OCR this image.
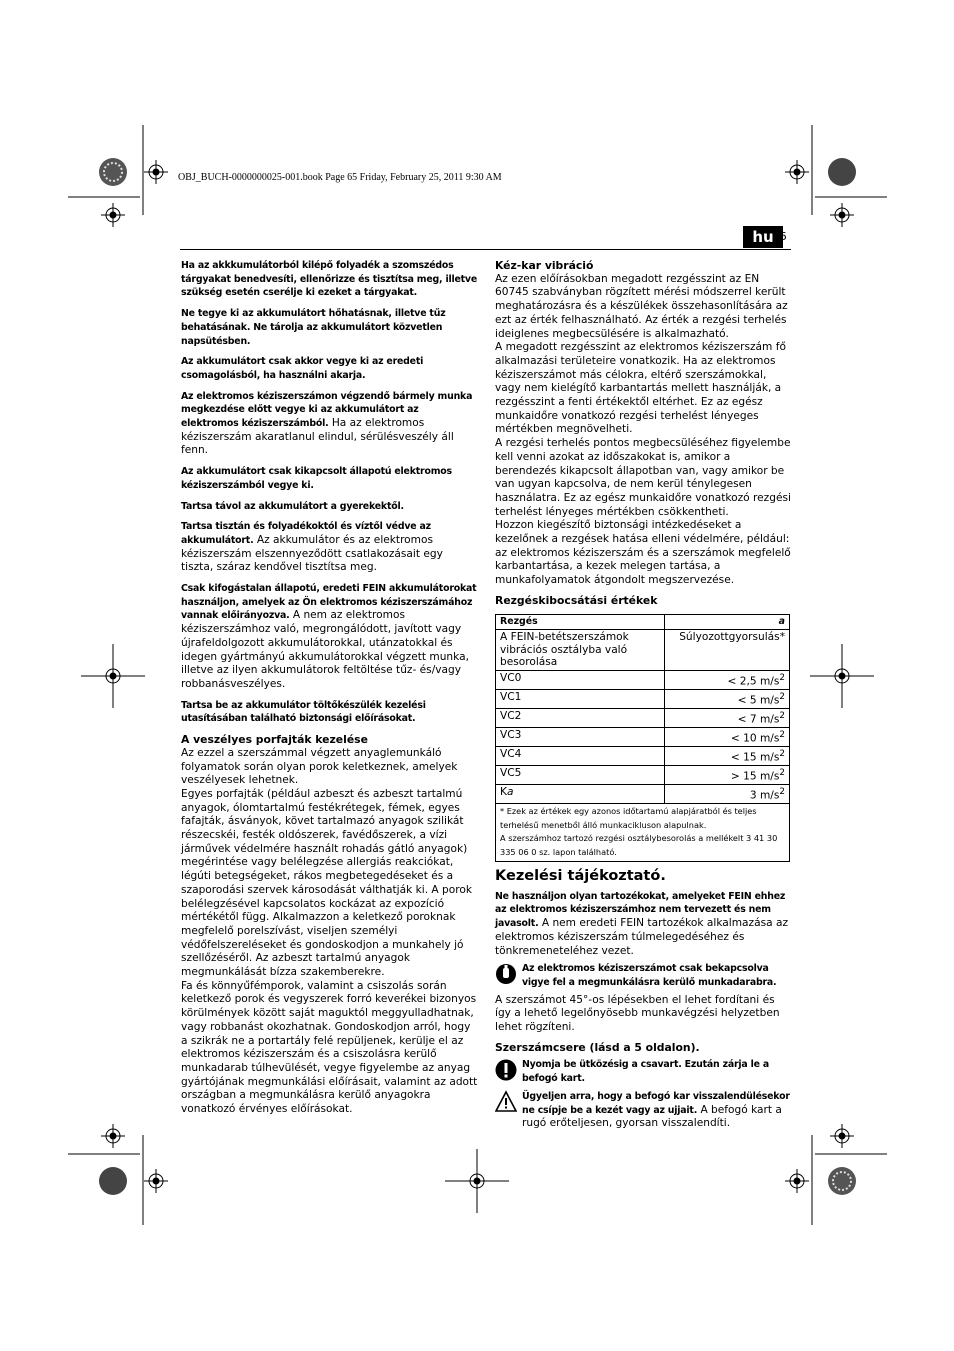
OBJ_BUCH-0000000025-001.book Page 65 Friday, February 25, 2011 9:30 AM
hu 65

Ha az akkkumulátorból kilépő folyadék a szomszédos tárgyakat benedvesíti, ellenőrizze és tisztítsa meg, illetve szükség esetén cserélje ki ezeket a tárgyakat.

Ne tegye ki az akkumulátort hőhatásnak, illetve tűz behatásának. Ne tárolja az akkumulátort közvetlen napsütésben.

Az akkumulátort csak akkor vegye ki az eredeti csomagolásból, ha használni akarja.

Az elektromos kéziszerszámon végzendő bármely munka megkezdése előtt vegye ki az akkumulátort az elektromos kéziszerszámból. Ha az elektromos kéziszerszám akaratlanul elindul, sérülésveszély áll fenn.

Az akkumulátort csak kikapcsolt állapotú elektromos kéziszerszámból vegye ki.

Tartsa távol az akkumulátort a gyerekektől.

Tartsa tisztán és folyadékoktól és víztől védve az akkumulátort. Az akkumulátor és az elektromos kéziszerszám elszennyeződött csatlakozásait egy tiszta, száraz kendővel tisztítsa meg.

Csak kifogástalan állapotú, eredeti FEIN akkumulátorokat használjon, amelyek az Ön elektromos kéziszerszámához vannak előirányozva. A nem az elektromos kéziszerszámhoz való, megrongálódott, javított vagy újrafeldolgozott akkumulátorokkal, utánzatokkal és idegen gyártmányú akkumulátorokkal végzett munka, illetve az ilyen akkumulátorok feltöltése tűz- és/vagy robbanásveszélyes.

Tartsa be az akkumulátor töltőkészülék kezelési utasításában található biztonsági előírásokat.

A veszélyes porfajták kezelése
Az ezzel a szerszámmal végzett anyaglemunkáló folyamatok során olyan porok keletkeznek, amelyek veszélyesek lehetnek.
Egyes porfajták (például azbeszt és azbeszt tartalmú anyagok, ólomtartalmú festékrétegek, fémek, egyes fafajták, ásványok, követ tartalmazó anyagok szilikát részecskéi, festék oldószerek, favédőszerek, a vízi járművek védelmére használt rohadás gátló anyagok) megérintése vagy belélegzése allergiás reakciókat, légúti betegségeket, rákos megbetegedéseket és a szaporodási szervek károsodását válthatják ki. A porok belélegzésével kapcsolatos kockázat az expozíció mértékétől függ. Alkalmazzon a keletkező poroknak megfelelő porelszívást, viseljen személyi védőfelszereléseket és gondoskodjon a munkahely jó szellőzéséről. Az azbeszt tartalmú anyagok megmunkálását bízza szakemberekre.
Fa és könnyűfémporok, valamint a csiszolás során keletkező porok és vegyszerek forró keverékei bizonyos körülmények között saját maguktól meggyulladhatnak, vagy robbanást okozhatnak. Gondoskodjon arról, hogy a szikrák ne a portartály felé repüljenek, kerülje el az elektromos kéziszerszám és a csiszolásra kerülő munkadarab túlhevülését, vegye figyelembe az anyag gyártójának megmunkálási előírásait, valamint az adott országban a megmunkálásra kerülő anyagokra vonatkozó érvényes előírásokat.
Kéz-kar vibráció
Az ezen előírásokban megadott rezgésszint az EN 60745 szabványban rögzített mérési módszerrel került meghatározásra és a készülékek összehasonlítására az ezt az érték felhasználható. Az érték a rezgési terhelés ideiglenes megbecsülésére is alkalmazható.
A megadott rezgésszint az elektromos kéziszerszám fő alkalmazási területeire vonatkozik. Ha az elektromos kéziszerszámot más célokra, eltérő szerszámokkal, vagy nem kielégítő karbantartás mellett használják, a rezgésszint a fenti értékektől eltérhet. Ez az egész munkaidőre vonatkozó rezgési terhelést lényeges mértékben megnövelheti.
A rezgési terhelés pontos megbecsüléséhez figyelembe kell venni azokat az időszakokat is, amikor a berendezés kikapcsolt állapotban van, vagy amikor be van ugyan kapcsolva, de nem kerül ténylegesen használatra. Ez az egész munkaidőre vonatkozó rezgési terhelést lényeges mértékben csökkentheti.
Hozzon kiegészítő biztonsági intézkedéseket a kezelőnek a rezgések hatása elleni védelmére, például: az elektromos kéziszerszám és a szerszámok megfelelő karbantartása, a kezek melegen tartása, a munkafolyamatok átgondolt megszervezése.
Rezgéskibocsátási értékek
Rezgés	a
A FEIN-betétszerszámok vibrációs osztályba való besorolása	Súlyozottgyorsulás*
VC0	< 2,5 $m/s^2$
VC1	< 5 $m/s^2$
VC2	< 7 $m/s^2$
VC3	< 10 $m/s^2$
VC4	< 15 $m/s^2$
VC5	> 15 $m/s^2$
Ka	3 $m/s^2$

* Ezek az értékek egy azonos időtartamú alapjáratból és teljes terhelésű menetből álló munkacikluson alapulnak.
A szerszámhoz tartozó rezgési osztálybesorolás a mellékelt 3 41 30 335 06 0 sz. lapon található.	
Kezelési tájékoztató.

Ne használjon olyan tartozékokat, amelyeket FEIN ehhez az elektromos kéziszerszámhoz nem tervezett és nem javasolt. A nem eredeti FEIN tartozékok alkalmazása az elektromos kéziszerszám túlmelegedéséhez és tönkremeneteléhez vezet.

Az elektromos kéziszerszámot csak bekapcsolva vigye fel a megmunkálásra kerülő munkadarabra.
A szerszámot 45°-os lépésekben el lehet fordítani és így a lehető legelőnyösebb munkavégzési helyzetben lehet rögzíteni.
Szerszámcsere (lásd a 5 oldalon).
Nyomja be ütközésig a csavart. Ezután zárja le a befogó kart.
Ügyeljen arra, hogy a befogó kar visszalendülésekor ne csípje be a kezét vagy az ujjait. A befogó kart a rugó erőteljesen, gyorsan visszalendíti.
